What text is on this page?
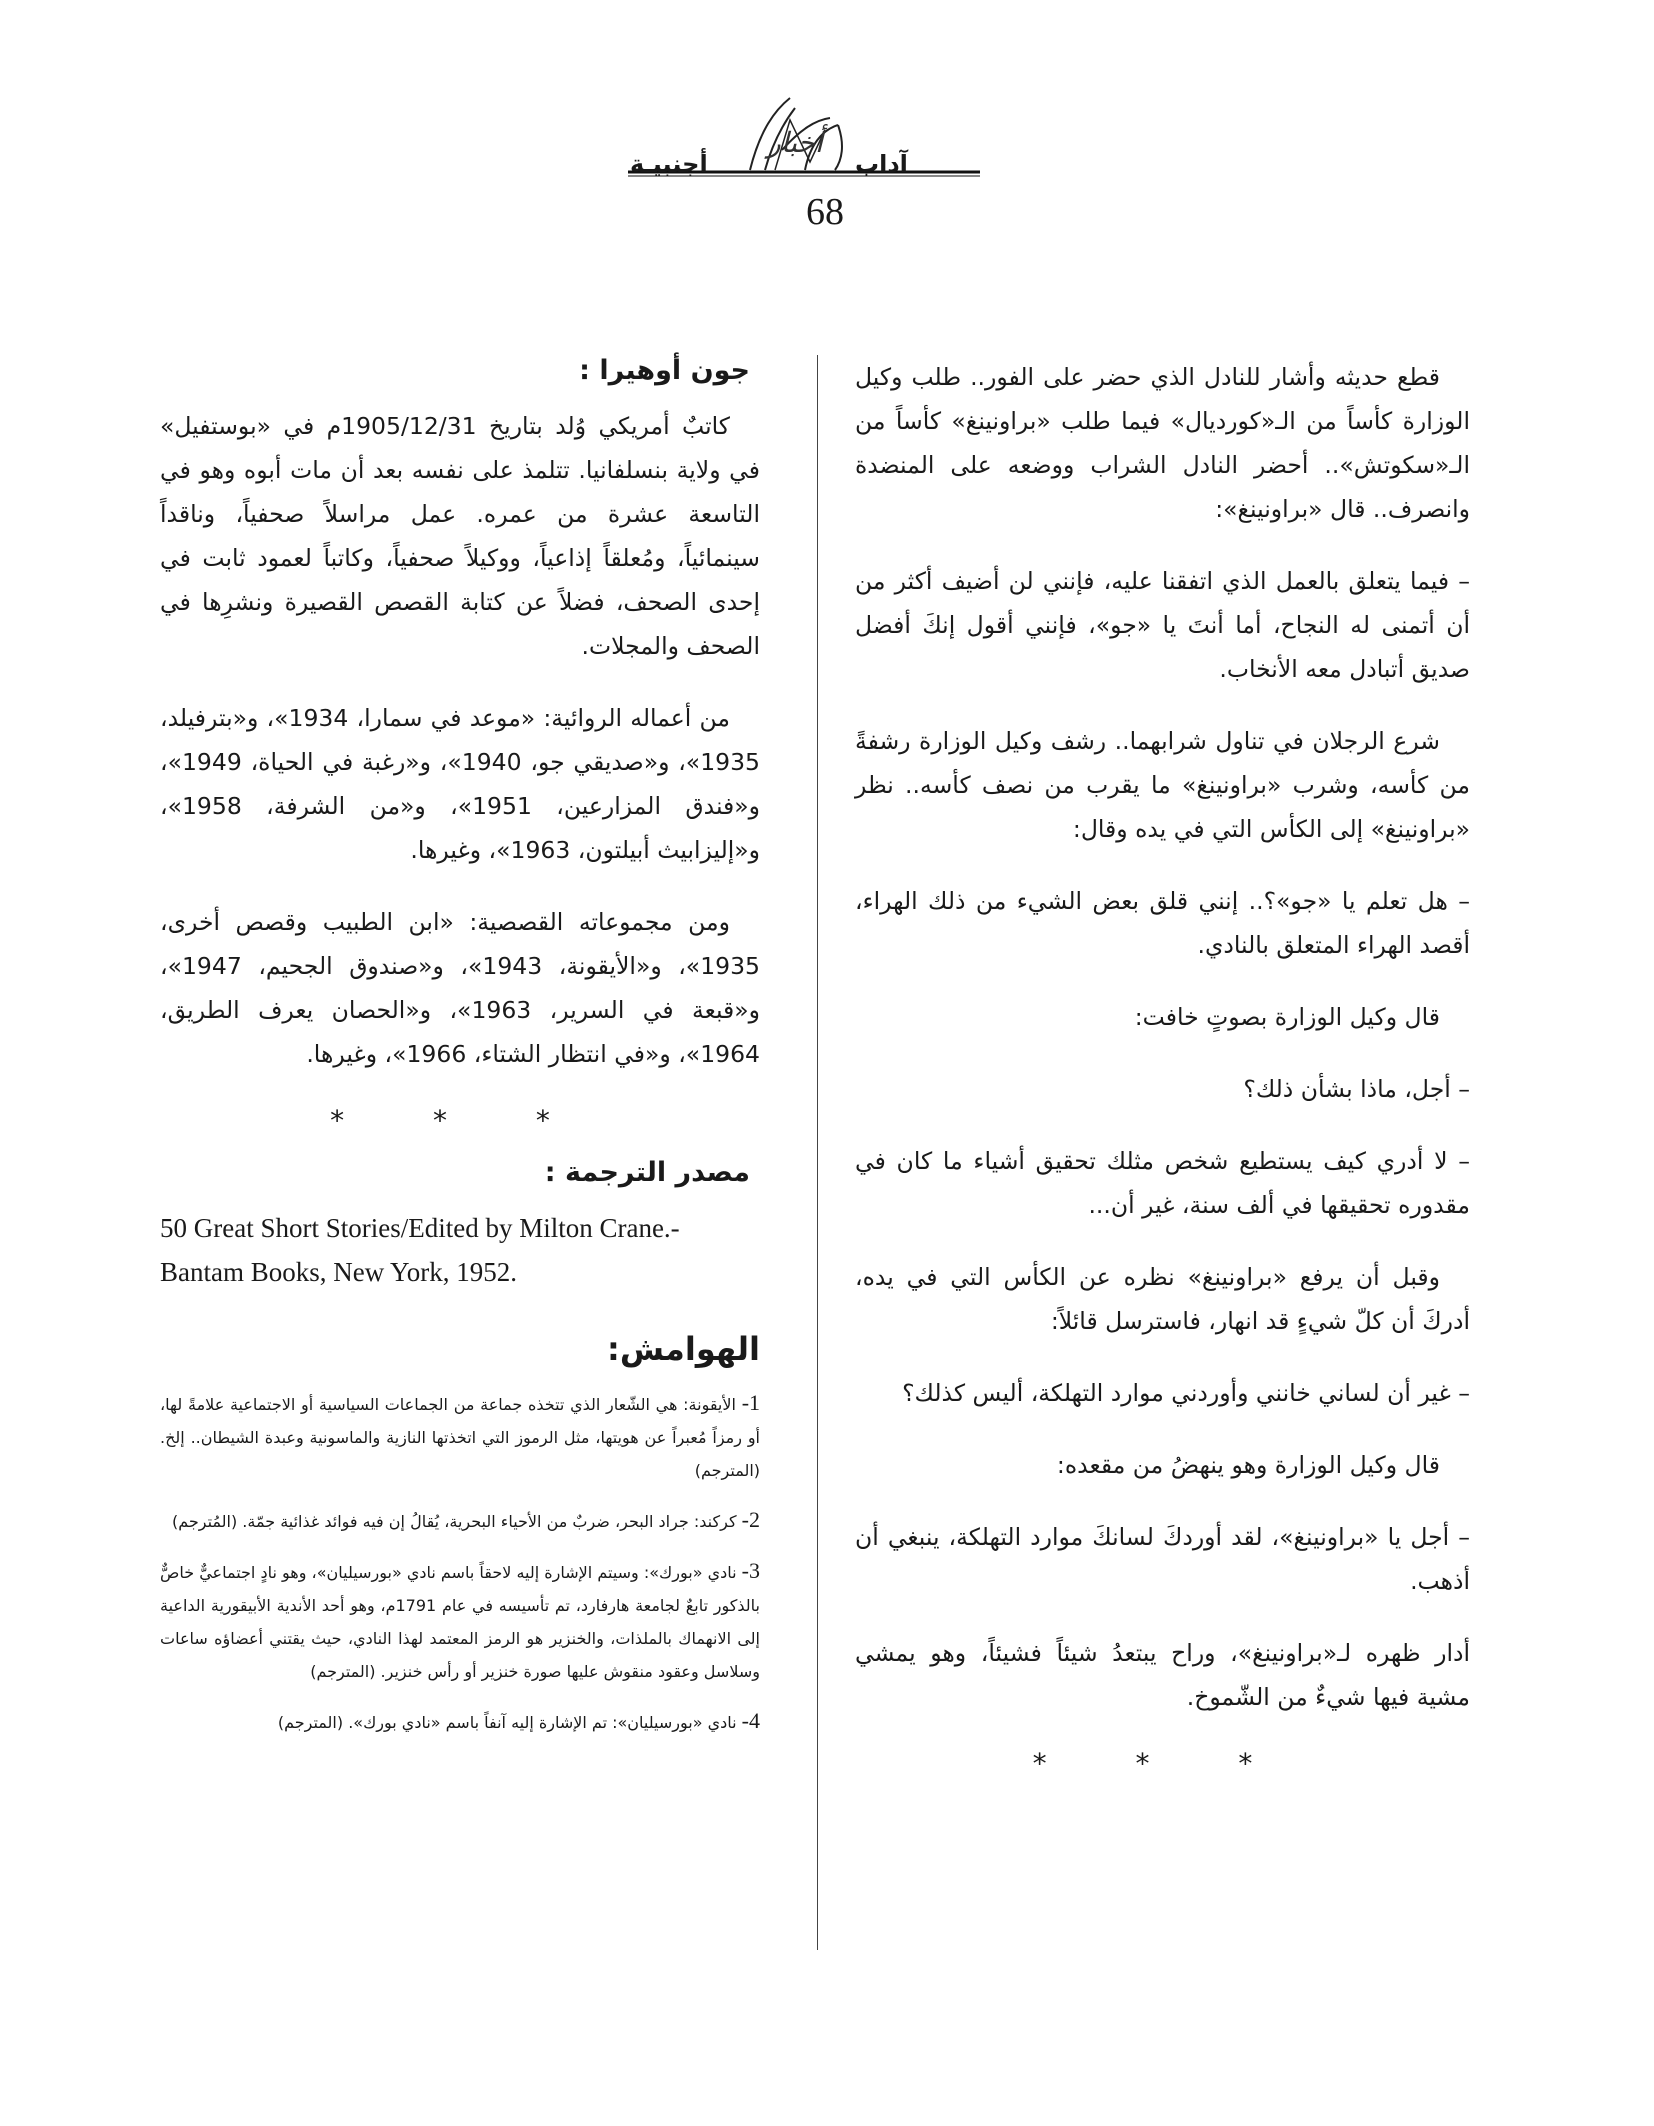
أخبار
آداب
أجنبيـة
68

قطع حديثه وأشار للنادل الذي حضر على الفور.. طلب وكيل الوزارة كأساً من الـ«كورديال» فيما طلب «براونينغ» كأساً من الـ«سكوتش».. أحضر النادل الشراب ووضعه على المنضدة وانصرف.. قال «براونينغ»:

– فيما يتعلق بالعمل الذي اتفقنا عليه، فإنني لن أضيف أكثر من أن أتمنى له النجاح، أما أنتَ يا «جو»، فإنني أقول إنكَ أفضل صديق أتبادل معه الأنخاب.

شرع الرجلان في تناول شرابهما.. رشف وكيل الوزارة رشفةً من كأسه، وشرب «براونينغ» ما يقرب من نصف كأسه.. نظر «براونينغ» إلى الكأس التي في يده وقال:

– هل تعلم يا «جو»؟.. إنني قلق بعض الشيء من ذلك الهراء، أقصد الهراء المتعلق بالنادي.

قال وكيل الوزارة بصوتٍ خافت:

– أجل، ماذا بشأن ذلك؟

– لا أدري كيف يستطيع شخص مثلك تحقيق أشياء ما كان في مقدوره تحقيقها في ألف سنة، غير أن...

وقبل أن يرفع «براونينغ» نظره عن الكأس التي في يده، أدركَ أن كلّ شيءٍ قد انهار، فاسترسل قائلاً:

– غير أن لساني خانني وأوردني موارد التهلكة، أليس كذلك؟

قال وكيل الوزارة وهو ينهضُ من مقعده:

– أجل يا «براونينغ»، لقد أوردكَ لسانكَ موارد التهلكة، ينبغي أن أذهب.

أدار ظهره لـ«براونينغ»، وراح يبتعدُ شيئاً فشيئاً، وهو يمشي مشية فيها شيءٌ من الشّموخ.

* * *
جون أوهيرا :

كاتبٌ أمريكي وُلد بتاريخ 1905/12/31م في «بوستفيل» في ولاية بنسلفانيا. تتلمذ على نفسه بعد أن مات أبوه وهو في التاسعة عشرة من عمره. عمل مراسلاً صحفياً، وناقداً سينمائياً، ومُعلقاً إذاعياً، ووكيلاً صحفياً، وكاتباً لعمود ثابت في إحدى الصحف، فضلاً عن كتابة القصص القصيرة ونشرِها في الصحف والمجلات.

من أعماله الروائية: «موعد في سمارا، 1934»، و«بترفيلد، 1935»، و«صديقي جو، 1940»، و«رغبة في الحياة، 1949»، و«فندق المزارعين، 1951»، و«من الشرفة، 1958»، و«إليزابيث أبيلتون، 1963»، وغيرها.

ومن مجموعاته القصصية: «ابن الطبيب وقصص أخرى، 1935»، و«الأيقونة، 1943»، و«صندوق الجحيم، 1947»، و«قبعة في السرير، 1963»، و«الحصان يعرف الطريق، 1964»، و«في انتظار الشتاء، 1966»، وغيرها.

* * *
مصدر الترجمة :

50 Great Short Stories/Edited by Milton Crane.- Bantam Books, New York, 1952.

الهوامش:

1- الأيقونة: هي الشّعار الذي تتخذه جماعة من الجماعات السياسية أو الاجتماعية علامةً لها، أو رمزاً مُعبراً عن هويتها، مثل الرموز التي اتخذتها النازية والماسونية وعبدة الشيطان.. إلخ. (المترجم)

2- كركند: جراد البحر، ضربٌ من الأحياء البحرية، يُقالُ إن فيه فوائد غذائية جمّة. (المُترجم)

3- نادي «بورك»: وسيتم الإشارة إليه لاحقاً باسم نادي «بورسيليان»، وهو نادٍ اجتماعيٌّ خاصٌّ بالذكور تابعٌ لجامعة هارفارد، تم تأسيسه في عام 1791م، وهو أحد الأندية الأبيقورية الداعية إلى الانهماك بالملذات، والخنزير هو الرمز المعتمد لهذا النادي، حيث يقتني أعضاؤه ساعات وسلاسل وعقود منقوش عليها صورة خنزير أو رأس خنزير. (المترجم)

4- نادي «بورسيليان»: تم الإشارة إليه آنفاً باسم «نادي بورك». (المترجم)
